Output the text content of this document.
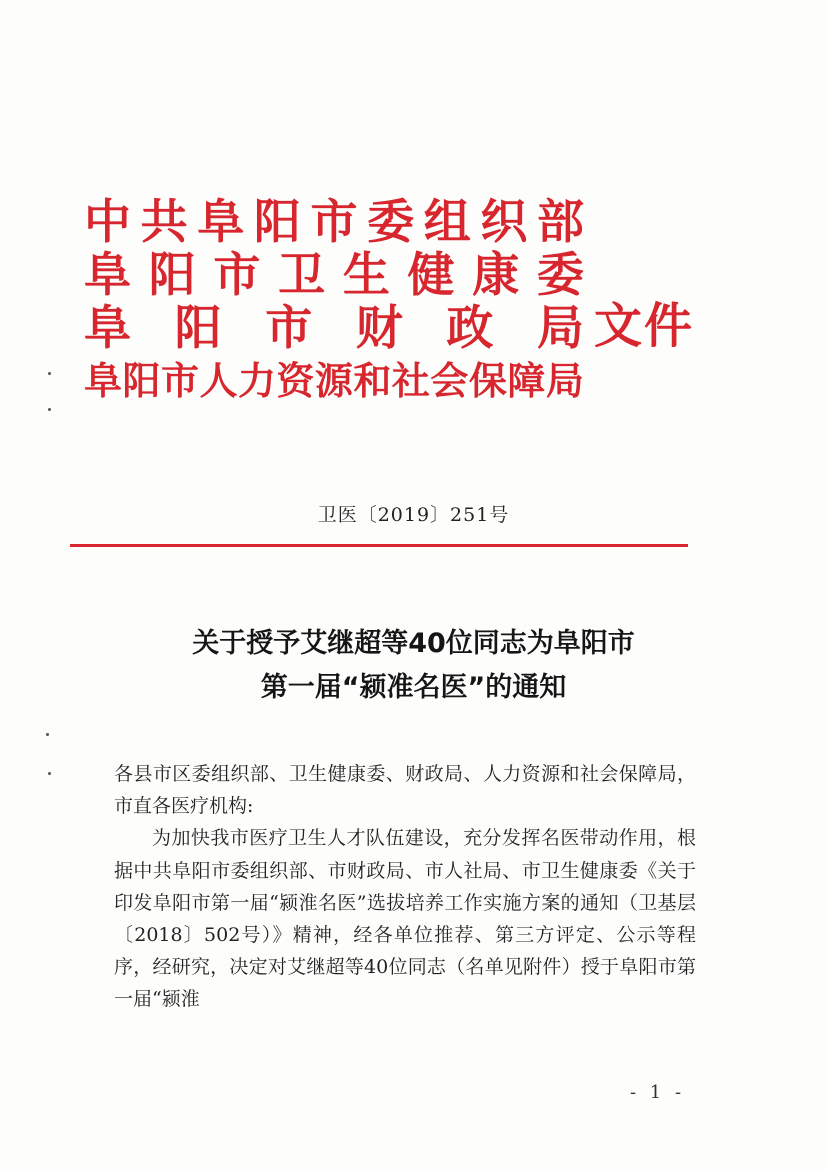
中 共 阜 阳 市 委 组 织 部
阜 阳 市 卫 生 健 康 委
阜 阳 市 财 政 局
阜 阳 市 人 力 资 源 和 社 会 保 障 局
文件
卫医〔2019〕251号
关于授予艾继超等40位同志为阜阳市
第一届“颍准名医”的通知

各县市区委组织部、卫生健康委、财政局、人力资源和社会保障局，市直各医疗机构:

为加快我市医疗卫生人才队伍建设，充分发挥名医带动作用，根据中共阜阳市委组织部、市财政局、市人社局、市卫生健康委《关于印发阜阳市第一届“颍淮名医”选拔培养工作实施方案的通知（卫基层〔2018〕502号）》精神，经各单位推荐、第三方评定、公示等程序，经研究，决定对艾继超等40位同志（名单见附件）授于阜阳市第一届“颍淮

- 1 -
